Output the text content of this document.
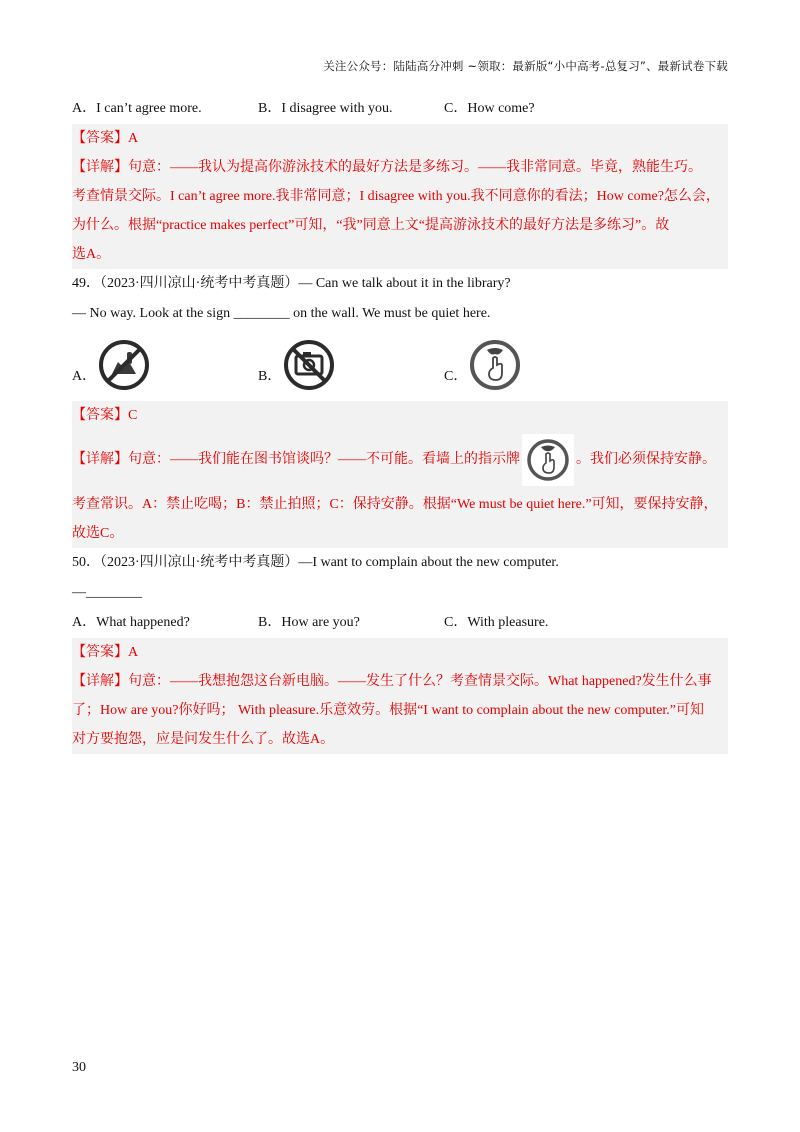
关注公众号：陆陆高分冲刺 ~领取：最新版“小中高考-总复习”、最新试卷下载
A．I can’t agree more.	B．I disagree with you.	C．How come?
【答案】A
【详解】句意：——我认为提高你游泳技术的最好方法是多练习。——我非常同意。毕竟，熟能生巧。
考查情景交际。I can’t agree more.我非常同意；I disagree with you.我不同意你的看法；How come?怎么会，
为什么。根据“practice makes perfect”可知，“我”同意上文“提高游泳技术的最好方法是多练习”。故
选A。
49．（2023·四川凉山·统考中考真题）— Can we talk about it in the library?
— No way. Look at the sign ________ on the wall. We must be quiet here.
A．	B．	C．
【答案】C
【详解】句意：——我们能在图书馆谈吗？——不可能。看墙上的指示牌	。我们必须保持安静。
考查常识。A：禁止吃喝；B：禁止拍照；C：保持安静。根据“We must be quiet here.”可知，要保持安静，
故选C。
50．（2023·四川凉山·统考中考真题）—I want to complain about the new computer.
—________
A．What happened?	B．How are you?	C．With pleasure.
【答案】A
【详解】句意：——我想抱怨这台新电脑。——发生了什么？考查情景交际。What happened?发生什么事
了；How are you?你好吗； With pleasure.乐意效劳。根据“I want to complain about the new computer.”可知
对方要抱怨，应是问发生什么了。故选A。
30
